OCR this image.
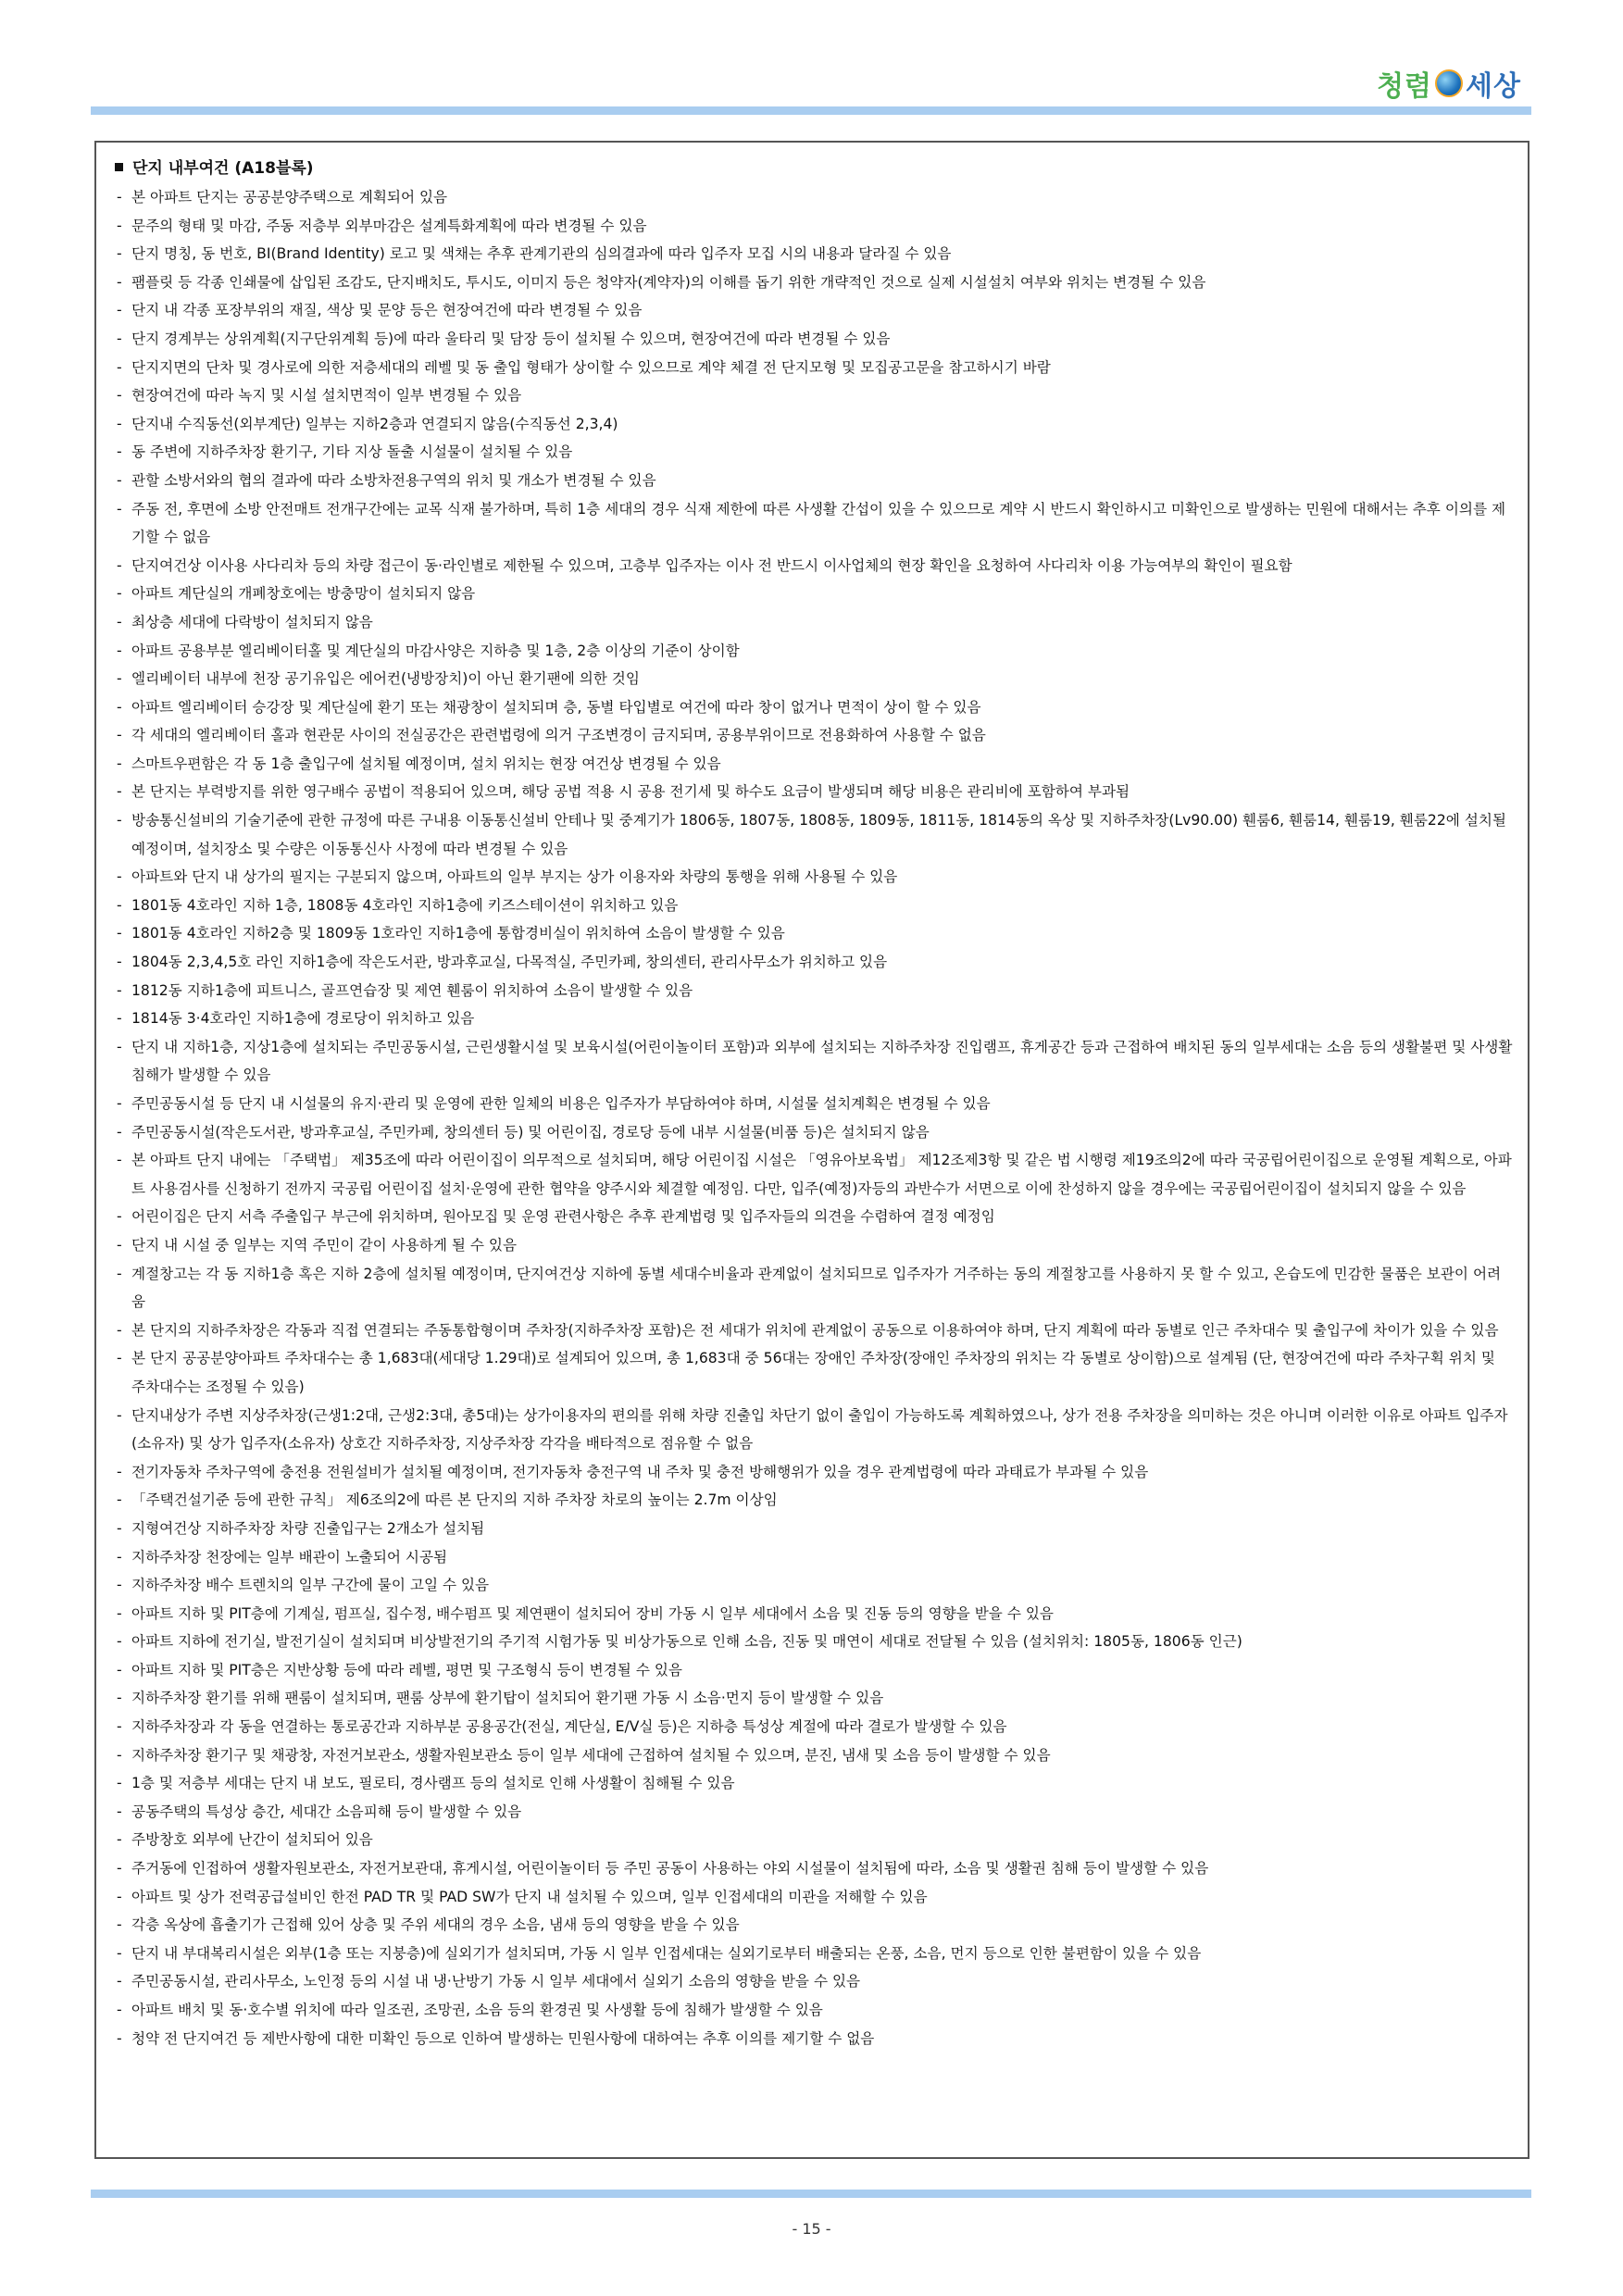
청렴 세상
단지 내부여건 (A18블록)
- 본 아파트 단지는 공공분양주택으로 계획되어 있음
- 문주의 형태 및 마감, 주동 저층부 외부마감은 설계특화계획에 따라 변경될 수 있음
- 단지 명칭, 동 번호, BI(Brand Identity) 로고 및 색채는 추후 관계기관의 심의결과에 따라 입주자 모집 시의 내용과 달라질 수 있음
- 팸플릿 등 각종 인쇄물에 삽입된 조감도, 단지배치도, 투시도, 이미지 등은 청약자(계약자)의 이해를 돕기 위한 개략적인 것으로 실제 시설설치 여부와 위치는 변경될 수 있음
- 단지 내 각종 포장부위의 재질, 색상 및 문양 등은 현장여건에 따라 변경될 수 있음
- 단지 경계부는 상위계획(지구단위계획 등)에 따라 울타리 및 담장 등이 설치될 수 있으며, 현장여건에 따라 변경될 수 있음
- 단지지면의 단차 및 경사로에 의한 저층세대의 레벨 및 동 출입 형태가 상이할 수 있으므로 계약 체결 전 단지모형 및 모집공고문을 참고하시기 바람
- 현장여건에 따라 녹지 및 시설 설치면적이 일부 변경될 수 있음
- 단지내 수직동선(외부계단) 일부는 지하2층과 연결되지 않음(수직동선 2,3,4)
- 동 주변에 지하주차장 환기구, 기타 지상 돌출 시설물이 설치될 수 있음
- 관할 소방서와의 협의 결과에 따라 소방차전용구역의 위치 및 개소가 변경될 수 있음
- 주동 전, 후면에 소방 안전매트 전개구간에는 교목 식재 불가하며, 특히 1층 세대의 경우 식재 제한에 따른 사생활 간섭이 있을 수 있으므로 계약 시 반드시 확인하시고 미확인으로 발생하는 민원에 대해서는 추후 이의를 제기할 수 없음
- 단지여건상 이사용 사다리차 등의 차량 접근이 동·라인별로 제한될 수 있으며, 고층부 입주자는 이사 전 반드시 이사업체의 현장 확인을 요청하여 사다리차 이용 가능여부의 확인이 필요함
- 아파트 계단실의 개폐창호에는 방충망이 설치되지 않음
- 최상층 세대에 다락방이 설치되지 않음
- 아파트 공용부분 엘리베이터홀 및 계단실의 마감사양은 지하층 및 1층, 2층 이상의 기준이 상이함
- 엘리베이터 내부에 천장 공기유입은 에어컨(냉방장치)이 아닌 환기팬에 의한 것임
- 아파트 엘리베이터 승강장 및 계단실에 환기 또는 채광창이 설치되며 층, 동별 타입별로 여건에 따라 창이 없거나 면적이 상이 할 수 있음
- 각 세대의 엘리베이터 홀과 현관문 사이의 전실공간은 관련법령에 의거 구조변경이 금지되며, 공용부위이므로 전용화하여 사용할 수 없음
- 스마트우편함은 각 동 1층 출입구에 설치될 예정이며, 설치 위치는 현장 여건상 변경될 수 있음
- 본 단지는 부력방지를 위한 영구배수 공법이 적용되어 있으며, 해당 공법 적용 시 공용 전기세 및 하수도 요금이 발생되며 해당 비용은 관리비에 포함하여 부과됨
- 방송통신설비의 기술기준에 관한 규정에 따른 구내용 이동통신설비 안테나 및 중계기가 1806동, 1807동, 1808동, 1809동, 1811동, 1814동의 옥상 및 지하주차장(Lv90.00) 휀룸6, 휀룸14, 휀룸19, 휀룸22에 설치될 예정이며, 설치장소 및 수량은 이동통신사 사정에 따라 변경될 수 있음
- 아파트와 단지 내 상가의 필지는 구분되지 않으며, 아파트의 일부 부지는 상가 이용자와 차량의 통행을 위해 사용될 수 있음
- 1801동 4호라인 지하 1층, 1808동 4호라인 지하1층에 키즈스테이션이 위치하고 있음
- 1801동 4호라인 지하2층 및 1809동 1호라인 지하1층에 통합경비실이 위치하여 소음이 발생할 수 있음
- 1804동 2,3,4,5호 라인 지하1층에 작은도서관, 방과후교실, 다목적실, 주민카페, 창의센터, 관리사무소가 위치하고 있음
- 1812동 지하1층에 피트니스, 골프연습장 및 제연 휀룸이 위치하여 소음이 발생할 수 있음
- 1814동 3·4호라인 지하1층에 경로당이 위치하고 있음
- 단지 내 지하1층, 지상1층에 설치되는 주민공동시설, 근린생활시설 및 보육시설(어린이놀이터 포함)과 외부에 설치되는 지하주차장 진입램프, 휴게공간 등과 근접하여 배치된 동의 일부세대는 소음 등의 생활불편 및 사생활 침해가 발생할 수 있음
- 주민공동시설 등 단지 내 시설물의 유지·관리 및 운영에 관한 일체의 비용은 입주자가 부담하여야 하며, 시설물 설치계획은 변경될 수 있음
- 주민공동시설(작은도서관, 방과후교실, 주민카페, 창의센터 등) 및 어린이집, 경로당 등에 내부 시설물(비품 등)은 설치되지 않음
- 본 아파트 단지 내에는 「주택법」 제35조에 따라 어린이집이 의무적으로 설치되며, 해당 어린이집 시설은 「영유아보육법」 제12조제3항 및 같은 법 시행령 제19조의2에 따라 국공립어린이집으로 운영될 계획으로, 아파트 사용검사를 신청하기 전까지 국공립 어린이집 설치·운영에 관한 협약을 양주시와 체결할 예정임. 다만, 입주(예정)자등의 과반수가 서면으로 이에 찬성하지 않을 경우에는 국공립어린이집이 설치되지 않을 수 있음
- 어린이집은 단지 서측 주출입구 부근에 위치하며, 원아모집 및 운영 관련사항은 추후 관계법령 및 입주자들의 의견을 수렴하여 결정 예정임
- 단지 내 시설 중 일부는 지역 주민이 같이 사용하게 될 수 있음
- 계절창고는 각 동 지하1층 혹은 지하 2층에 설치될 예정이며, 단지여건상 지하에 동별 세대수비율과 관계없이 설치되므로 입주자가 거주하는 동의 계절창고를 사용하지 못 할 수 있고, 온습도에 민감한 물품은 보관이 어려움
- 본 단지의 지하주차장은 각동과 직접 연결되는 주동통합형이며 주차장(지하주차장 포함)은 전 세대가 위치에 관계없이 공동으로 이용하여야 하며, 단지 계획에 따라 동별로 인근 주차대수 및 출입구에 차이가 있을 수 있음
- 본 단지 공공분양아파트 주차대수는 총 1,683대(세대당 1.29대)로 설계되어 있으며, 총 1,683대 중 56대는 장애인 주차장(장애인 주차장의 위치는 각 동별로 상이함)으로 설계됨 (단, 현장여건에 따라 주차구획 위치 및 주차대수는 조정될 수 있음)
- 단지내상가 주변 지상주차장(근생1:2대, 근생2:3대, 총5대)는 상가이용자의 편의를 위해 차량 진출입 차단기 없이 출입이 가능하도록 계획하였으나, 상가 전용 주차장을 의미하는 것은 아니며 이러한 이유로 아파트 입주자(소유자) 및 상가 입주자(소유자) 상호간 지하주차장, 지상주차장 각각을 배타적으로 점유할 수 없음
- 전기자동차 주차구역에 충전용 전원설비가 설치될 예정이며, 전기자동차 충전구역 내 주차 및 충전 방해행위가 있을 경우 관계법령에 따라 과태료가 부과될 수 있음
- 「주택건설기준 등에 관한 규칙」 제6조의2에 따른 본 단지의 지하 주차장 차로의 높이는 2.7m 이상임
- 지형여건상 지하주차장 차량 진출입구는 2개소가 설치됨
- 지하주차장 천장에는 일부 배관이 노출되어 시공됨
- 지하주차장 배수 트렌치의 일부 구간에 물이 고일 수 있음
- 아파트 지하 및 PIT층에 기계실, 펌프실, 집수정, 배수펌프 및 제연팬이 설치되어 장비 가동 시 일부 세대에서 소음 및 진동 등의 영향을 받을 수 있음
- 아파트 지하에 전기실, 발전기실이 설치되며 비상발전기의 주기적 시험가동 및 비상가동으로 인해 소음, 진동 및 매연이 세대로 전달될 수 있음 (설치위치: 1805동, 1806동 인근)
- 아파트 지하 및 PIT층은 지반상황 등에 따라 레벨, 평면 및 구조형식 등이 변경될 수 있음
- 지하주차장 환기를 위해 팬룸이 설치되며, 팬룸 상부에 환기탑이 설치되어 환기팬 가동 시 소음·먼지 등이 발생할 수 있음
- 지하주차장과 각 동을 연결하는 통로공간과 지하부분 공용공간(전실, 계단실, E/V실 등)은 지하층 특성상 계절에 따라 결로가 발생할 수 있음
- 지하주차장 환기구 및 채광창, 자전거보관소, 생활자원보관소 등이 일부 세대에 근접하여 설치될 수 있으며, 분진, 냄새 및 소음 등이 발생할 수 있음
- 1층 및 저층부 세대는 단지 내 보도, 필로티, 경사램프 등의 설치로 인해 사생활이 침해될 수 있음
- 공동주택의 특성상 층간, 세대간 소음피해 등이 발생할 수 있음
- 주방창호 외부에 난간이 설치되어 있음
- 주거동에 인접하여 생활자원보관소, 자전거보관대, 휴게시설, 어린이놀이터 등 주민 공동이 사용하는 야외 시설물이 설치됨에 따라, 소음 및 생활권 침해 등이 발생할 수 있음
- 아파트 및 상가 전력공급설비인 한전 PAD TR 및 PAD SW가 단지 내 설치될 수 있으며, 일부 인접세대의 미관을 저해할 수 있음
- 각층 옥상에 흡출기가 근접해 있어 상층 및 주위 세대의 경우 소음, 냄새 등의 영향을 받을 수 있음
- 단지 내 부대복리시설은 외부(1층 또는 지붕층)에 실외기가 설치되며, 가동 시 일부 인접세대는 실외기로부터 배출되는 온풍, 소음, 먼지 등으로 인한 불편함이 있을 수 있음
- 주민공동시설, 관리사무소, 노인정 등의 시설 내 냉·난방기 가동 시 일부 세대에서 실외기 소음의 영향을 받을 수 있음
- 아파트 배치 및 동·호수별 위치에 따라 일조권, 조망권, 소음 등의 환경권 및 사생활 등에 침해가 발생할 수 있음
- 청약 전 단지여건 등 제반사항에 대한 미확인 등으로 인하여 발생하는 민원사항에 대하여는 추후 이의를 제기할 수 없음
- 15 -
